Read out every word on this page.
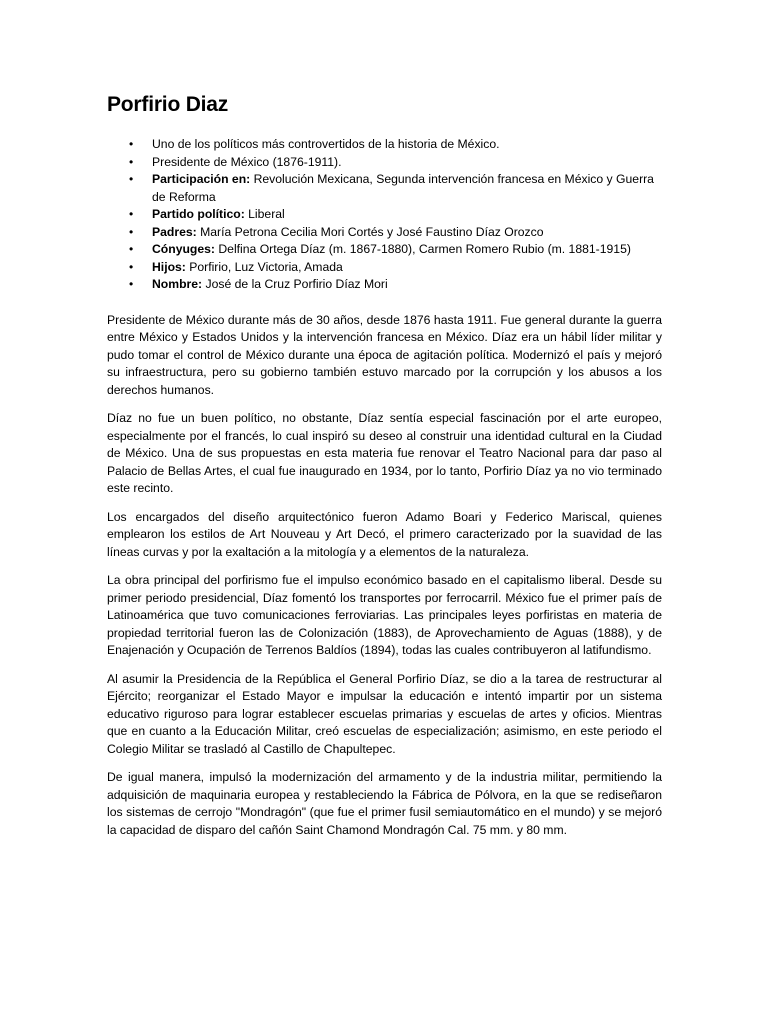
Porfirio Diaz
• Uno de los políticos más controvertidos de la historia de México.
• Presidente de México (1876-1911).
• Participación en: Revolución Mexicana, Segunda intervención francesa en México y Guerra de Reforma
• Partido político: Liberal
• Padres: María Petrona Cecilia Mori Cortés y José Faustino Díaz Orozco
• Cónyuges: Delfina Ortega Díaz (m. 1867-1880), Carmen Romero Rubio (m. 1881-1915)
• Hijos: Porfirio, Luz Victoria, Amada
• Nombre: José de la Cruz Porfirio Díaz Mori

Presidente de México durante más de 30 años, desde 1876 hasta 1911. Fue general durante la guerra entre México y Estados Unidos y la intervención francesa en México. Díaz era un hábil líder militar y pudo tomar el control de México durante una época de agitación política. Modernizó el país y mejoró su infraestructura, pero su gobierno también estuvo marcado por la corrupción y los abusos a los derechos humanos.

Díaz no fue un buen político, no obstante, Díaz sentía especial fascinación por el arte europeo, especialmente por el francés, lo cual inspiró su deseo al construir una identidad cultural en la Ciudad de México. Una de sus propuestas en esta materia fue renovar el Teatro Nacional para dar paso al Palacio de Bellas Artes, el cual fue inaugurado en 1934, por lo tanto, Porfirio Díaz ya no vio terminado este recinto.

Los encargados del diseño arquitectónico fueron Adamo Boari y Federico Mariscal, quienes emplearon los estilos de Art Nouveau y Art Decó, el primero caracterizado por la suavidad de las líneas curvas y por la exaltación a la mitología y a elementos de la naturaleza.

La obra principal del porfirismo fue el impulso económico basado en el capitalismo liberal. Desde su primer periodo presidencial, Díaz fomentó los transportes por ferrocarril. México fue el primer país de Latinoamérica que tuvo comunicaciones ferroviarias. Las principales leyes porfiristas en materia de propiedad territorial fueron las de Colonización (1883), de Aprovechamiento de Aguas (1888), y de Enajenación y Ocupación de Terrenos Baldíos (1894), todas las cuales contribuyeron al latifundismo.

Al asumir la Presidencia de la República el General Porfirio Díaz, se dio a la tarea de restructurar al Ejército; reorganizar el Estado Mayor e impulsar la educación e intentó impartir por un sistema educativo riguroso para lograr establecer escuelas primarias y escuelas de artes y oficios. Mientras que en cuanto a la Educación Militar, creó escuelas de especialización; asimismo, en este periodo el Colegio Militar se trasladó al Castillo de Chapultepec.

De igual manera, impulsó la modernización del armamento y de la industria militar, permitiendo la adquisición de maquinaria europea y restableciendo la Fábrica de Pólvora, en la que se rediseñaron los sistemas de cerrojo "Mondragón" (que fue el primer fusil semiautomático en el mundo) y se mejoró la capacidad de disparo del cañón Saint Chamond Mondragón Cal. 75 mm. y 80 mm.
